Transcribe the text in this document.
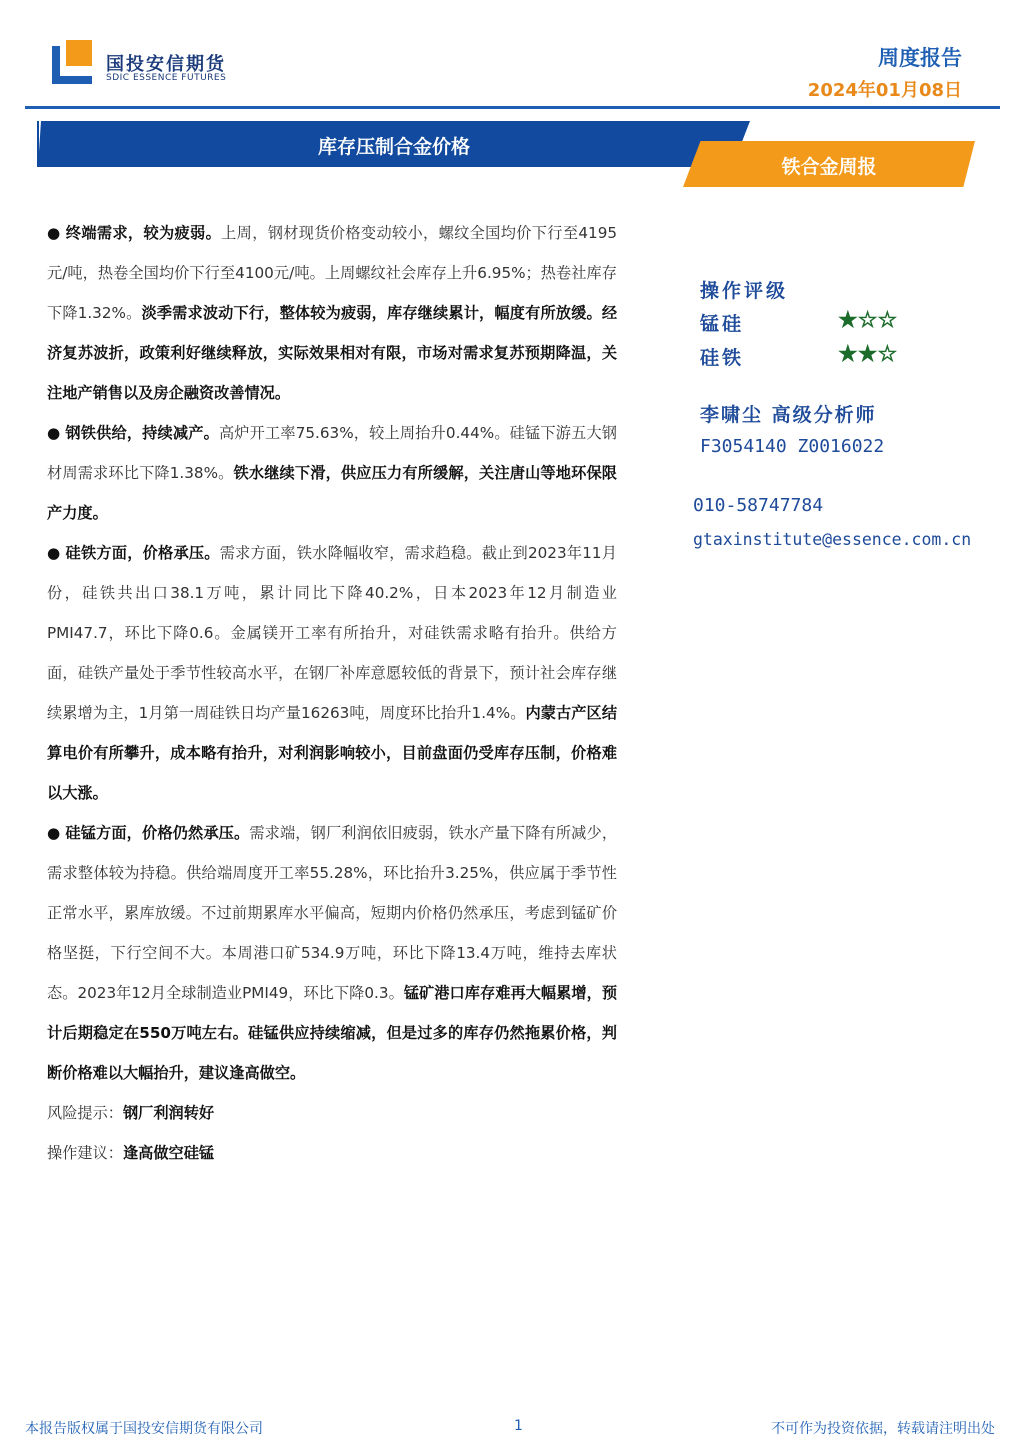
国投安信期货
SDIC ESSENCE FUTURES
周度报告
2024年01月08日
库存压制合金价格
铁合金周报

● 终端需求，较为疲弱。上周，钢材现货价格变动较小，螺纹全国均价下行至4195元/吨，热卷全国均价下行至4100元/吨。上周螺纹社会库存上升6.95%；热卷社库存下降1.32%。淡季需求波动下行，整体较为疲弱，库存继续累计，幅度有所放缓。经济复苏波折，政策利好继续释放，实际效果相对有限，市场对需求复苏预期降温，关注地产销售以及房企融资改善情况。

● 钢铁供给，持续减产。高炉开工率75.63%，较上周抬升0.44%。硅锰下游五大钢材周需求环比下降1.38%。铁水继续下滑，供应压力有所缓解，关注唐山等地环保限产力度。

● 硅铁方面，价格承压。需求方面，铁水降幅收窄，需求趋稳。截止到2023年11月份，硅铁共出口38.1万吨，累计同比下降40.2%，日本2023年12月制造业PMI47.7，环比下降0.6。金属镁开工率有所抬升，对硅铁需求略有抬升。供给方面，硅铁产量处于季节性较高水平，在钢厂补库意愿较低的背景下，预计社会库存继续累增为主，1月第一周硅铁日均产量16263吨，周度环比抬升1.4%。内蒙古产区结算电价有所攀升，成本略有抬升，对利润影响较小，目前盘面仍受库存压制，价格难以大涨。

● 硅锰方面，价格仍然承压。需求端，钢厂利润依旧疲弱，铁水产量下降有所减少，需求整体较为持稳。供给端周度开工率55.28%，环比抬升3.25%，供应属于季节性正常水平，累库放缓。不过前期累库水平偏高，短期内价格仍然承压，考虑到锰矿价格坚挺，下行空间不大。本周港口矿534.9万吨，环比下降13.4万吨，维持去库状态。2023年12月全球制造业PMI49，环比下降0.3。锰矿港口库存难再大幅累增，预计后期稳定在550万吨左右。硅锰供应持续缩减，但是过多的库存仍然拖累价格，判断价格难以大幅抬升，建议逢高做空。

风险提示：钢厂利润转好

操作建议：逢高做空硅锰

操作评级
锰硅	★☆☆
硅铁	★★☆
李啸尘 高级分析师
F3054140 Z0016022
010-58747784
gtaxinstitute@essence.com.cn
本报告版权属于国投安信期货有限公司	1	不可作为投资依据，转载请注明出处
